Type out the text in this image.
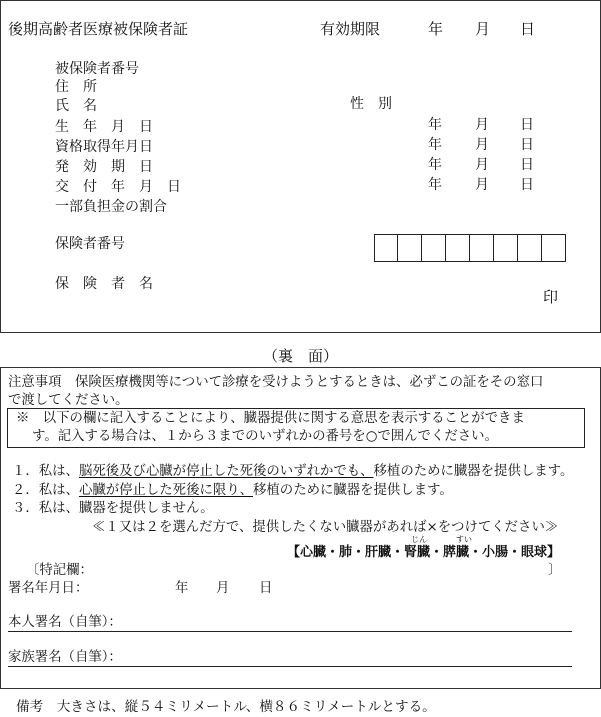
後期高齢者医療被保険者証	有効期限	年 月 日
被保険者番号
住　所
氏　名	性　別
生　年　月　日	年 月 日
資格取得年月日	年 月 日
発　効　期　日	年 月 日
交　付　年　月　日	年 月 日
一部負担金の割合
保険者番号
保　険　者　名
印
（裏　面）
注意事項　保険医療機関等について診療を受けようとするときは、必ずこの証をその窓口
で渡してください。
※　以下の欄に記入することにより、臓器提供に関する意思を表示することができま
す。記入する場合は、１から３までのいずれかの番号を○で囲んでください。
１．私は、脳死後及び心臓が停止した死後のいずれかでも、移植のために臓器を提供します。
２．私は、心臓が停止した死後に限り、移植のために臓器を提供します。
３．私は、臓器を提供しません。
≪１又は２を選んだ方で、提供したくない臓器があれば×をつけてください≫
じん	すい
【心臓・肺・肝臓・腎臓・膵臓・小腸・眼球】
〔特記欄：	〕
署名年月日：	年 月 日
本人署名（自筆）：
家族署名（自筆）：
備考　大きさは、縦５４ミリメートル、横８６ミリメートルとする。
